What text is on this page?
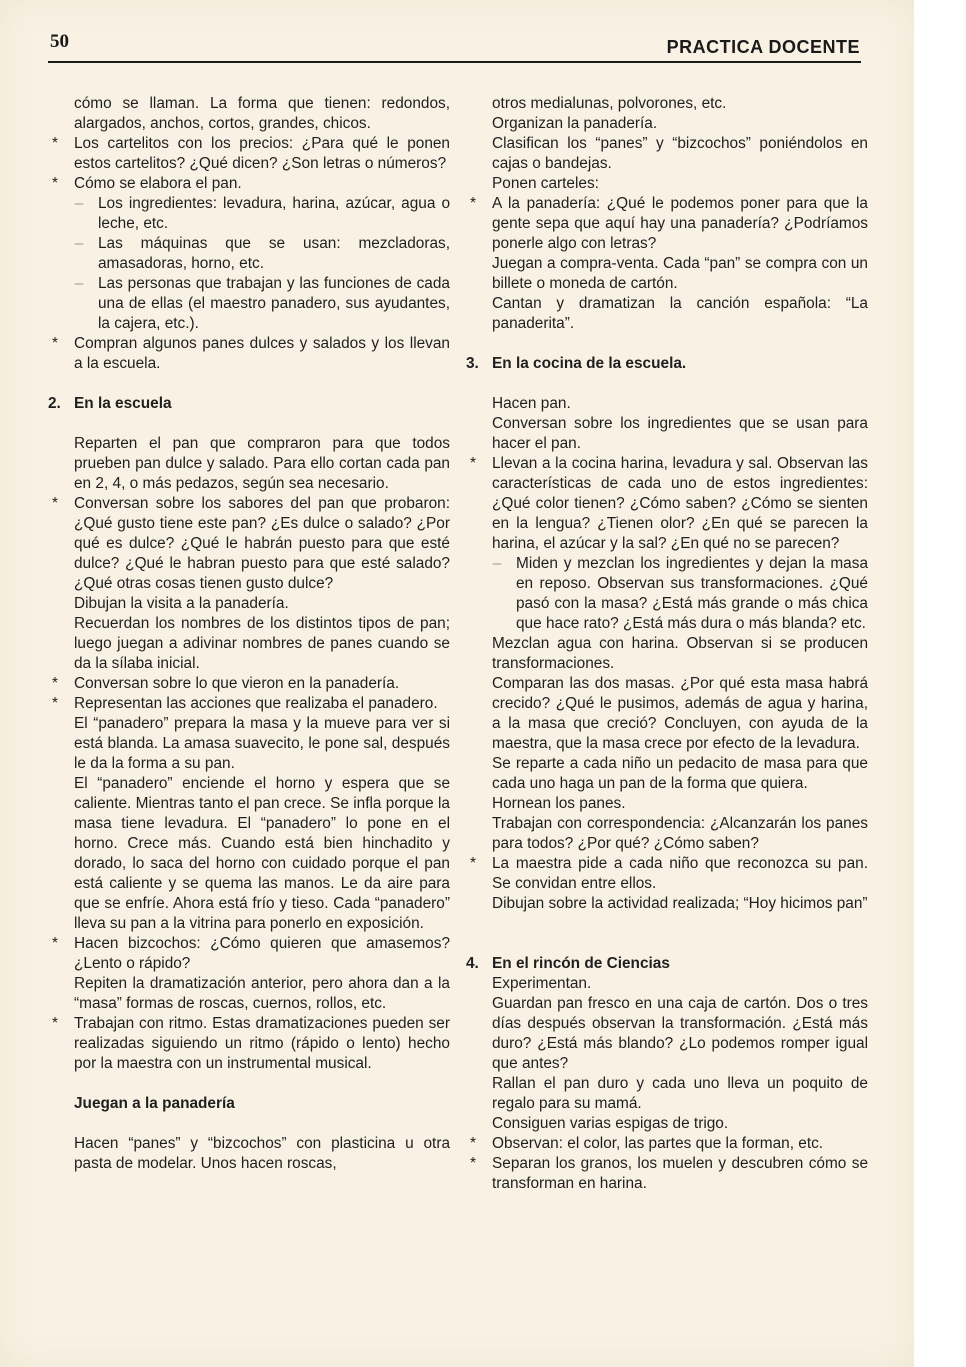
50	PRACTICA DOCENTE
cómo se llaman. La forma que tienen: redondos, alargados, anchos, cortos, grandes, chicos.
* Los cartelitos con los precios: ¿Para qué le ponen estos cartelitos? ¿Qué dicen? ¿Son letras o números?
* Cómo se elabora el pan.
– Los ingredientes: levadura, harina, azúcar, agua o leche, etc.
– Las máquinas que se usan: mezcladoras, amasadoras, horno, etc.
– Las personas que trabajan y las funciones de cada una de ellas (el maestro panadero, sus ayudantes, la cajera, etc.).
* Compran algunos panes dulces y salados y los llevan a la escuela.
2. En la escuela
Reparten el pan que compraron para que todos prueben pan dulce y salado. Para ello cortan cada pan en 2, 4, o más pedazos, según sea necesario.
* Conversan sobre los sabores del pan que probaron: ¿Qué gusto tiene este pan? ¿Es dulce o salado? ¿Por qué es dulce? ¿Qué le habrán puesto para que esté dulce? ¿Qué le habran puesto para que esté salado? ¿Qué otras cosas tienen gusto dulce?
Dibujan la visita a la panadería.
Recuerdan los nombres de los distintos tipos de pan; luego juegan a adivinar nombres de panes cuando se da la sílaba inicial.
* Conversan sobre lo que vieron en la panadería.
* Representan las acciones que realizaba el panadero.
El “panadero” prepara la masa y la mueve para ver si está blanda. La amasa suavecito, le pone sal, después le da la forma a su pan.
El “panadero” enciende el horno y espera que se caliente. Mientras tanto el pan crece. Se infla porque la masa tiene levadura. El “panadero” lo pone en el horno. Crece más. Cuando está bien hinchadito y dorado, lo saca del horno con cuidado porque el pan está caliente y se quema las manos. Le da aire para que se enfríe. Ahora está frío y tieso. Cada “panadero” lleva su pan a la vitrina para ponerlo en exposición.
* Hacen bizcochos: ¿Cómo quieren que amasemos? ¿Lento o rápido?
Repiten la dramatización anterior, pero ahora dan a la “masa” formas de roscas, cuernos, rollos, etc.
* Trabajan con ritmo. Estas dramatizaciones pueden ser realizadas siguiendo un ritmo (rápido o lento) hecho por la maestra con un instrumental musical.
Juegan a la panadería
Hacen “panes” y “bizcochos” con plasticina u otra pasta de modelar. Unos hacen roscas,
otros medialunas, polvorones, etc.
Organizan la panadería.
Clasifican los “panes” y “bizcochos” poniéndolos en cajas o bandejas.
Ponen carteles:
* A la panadería: ¿Qué le podemos poner para que la gente sepa que aquí hay una panadería? ¿Podríamos ponerle algo con letras?
Juegan a compra-venta. Cada “pan” se compra con un billete o moneda de cartón.
Cantan y dramatizan la canción española: “La panaderita”.
3. En la cocina de la escuela.
Hacen pan.
Conversan sobre los ingredientes que se usan para hacer el pan.
* Llevan a la cocina harina, levadura y sal. Observan las características de cada uno de estos ingredientes: ¿Qué color tienen? ¿Cómo saben? ¿Cómo se sienten en la lengua? ¿Tienen olor? ¿En qué se parecen la harina, el azúcar y la sal? ¿En qué no se parecen?
– Miden y mezclan los ingredientes y dejan la masa en reposo. Observan sus transformaciones. ¿Qué pasó con la masa? ¿Está más grande o más chica que hace rato? ¿Está más dura o más blanda? etc.
Mezclan agua con harina. Observan si se producen transformaciones.
Comparan las dos masas. ¿Por qué esta masa habrá crecido? ¿Qué le pusimos, además de agua y harina, a la masa que creció? Concluyen, con ayuda de la maestra, que la masa crece por efecto de la levadura.
Se reparte a cada niño un pedacito de masa para que cada uno haga un pan de la forma que quiera.
Hornean los panes.
Trabajan con correspondencia: ¿Alcanzarán los panes para todos? ¿Por qué? ¿Cómo saben?
* La maestra pide a cada niño que reconozca su pan. Se convidan entre ellos.
Dibujan sobre la actividad realizada; “Hoy hicimos pan”
4. En el rincón de Ciencias
Experimentan.
Guardan pan fresco en una caja de cartón. Dos o tres días después observan la transformación. ¿Está más duro? ¿Está más blando? ¿Lo podemos romper igual que antes?
Rallan el pan duro y cada uno lleva un poquito de regalo para su mamá.
Consiguen varias espigas de trigo.
* Observan: el color, las partes que la forman, etc.
* Separan los granos, los muelen y descubren cómo se transforman en harina.
